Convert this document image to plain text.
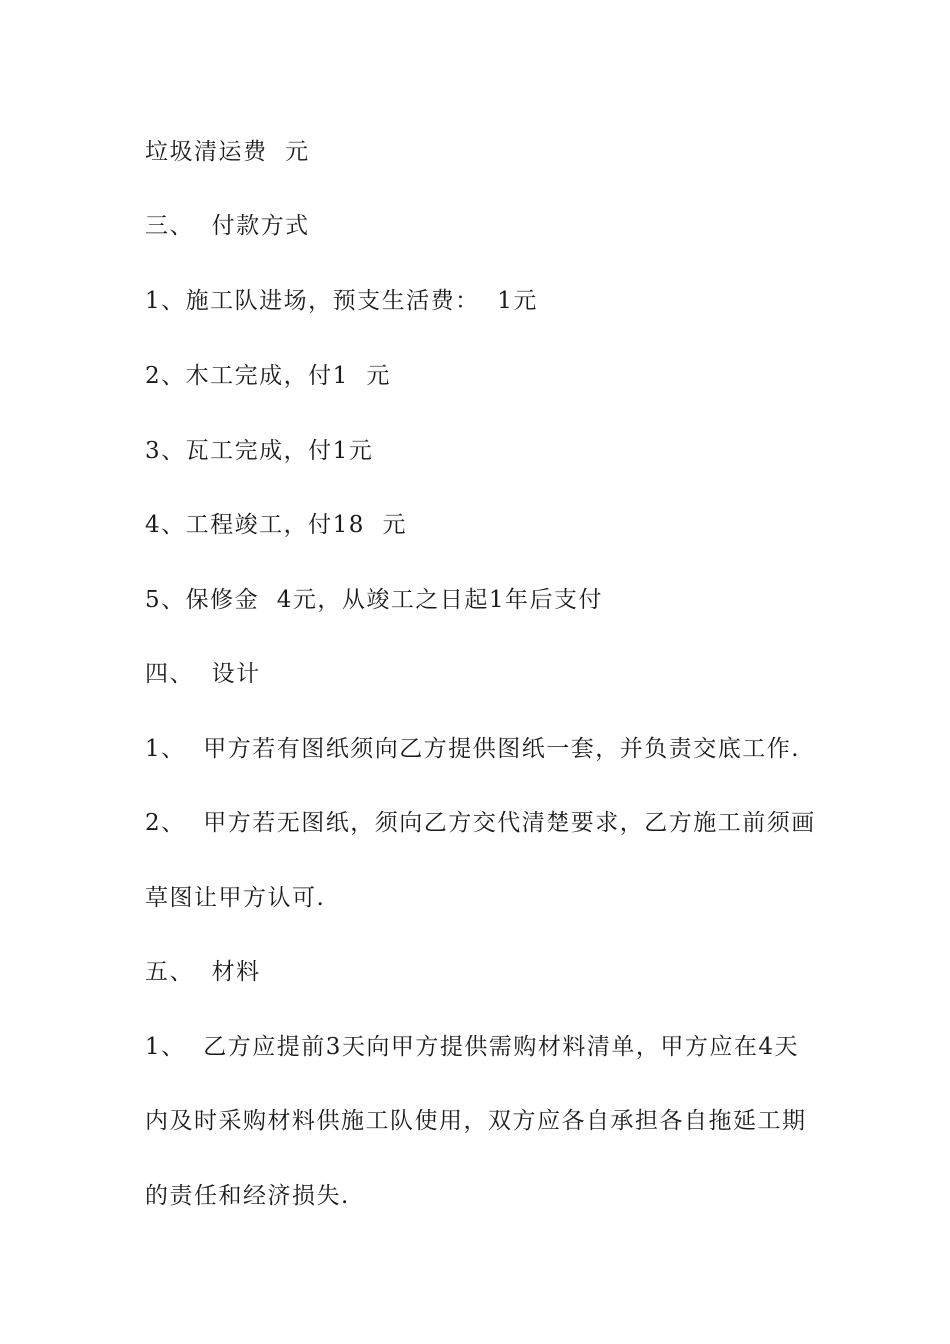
垃圾清运费  元
三、  付款方式
1、施工队进场，预支生活费：  1元
2、木工完成，付1  元
3、瓦工完成，付1元
4、工程竣工，付18  元
5、保修金  4元，从竣工之日起1年后支付
四、  设计
1、  甲方若有图纸须向乙方提供图纸一套，并负责交底工作.
2、  甲方若无图纸，须向乙方交代清楚要求，乙方施工前须画
草图让甲方认可.
五、  材料
1、  乙方应提前3天向甲方提供需购材料清单，甲方应在4天
内及时采购材料供施工队使用，双方应各自承担各自拖延工期
的责任和经济损失.
